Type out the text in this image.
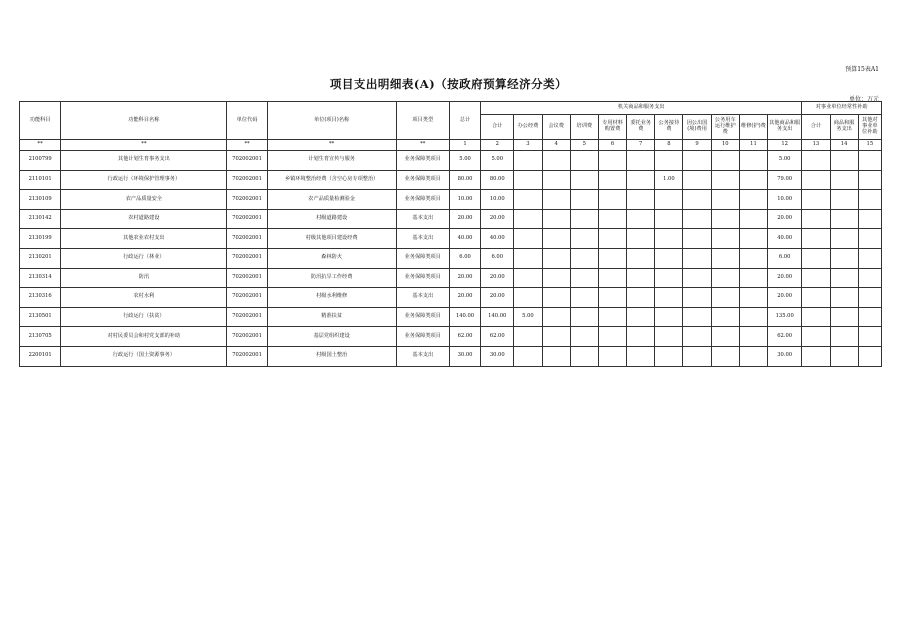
预算15表A1
项目支出明细表(A)（按政府预算经济分类）
单位：万元
功能科目	功能科目名称	单位代码	单位(项目)名称	项目类型	总计	机关商品和服务支出											对事业单位经常性补助		
						合计	办公经费	会议费	培训费	专用材料购置费	委托业务费	公务接待费	因公出国(境)费用	公务用车运行维护费	维修(护)费	其他商品和服务支出	合计	商品和服务支出	其他对事业单位补助
**	**	**	**	**	1	2	3	4	5	6	7	8	9	10	11	12	13	14	15
2100799	其他计划生育事务支出	702002001	计划生育宣传与服务	业务保障类项目	5.00	5.00										5.00			
2110101	行政运行（环境保护管理事务）	702002001	乡镇环境整治经费（含空心房专项整治）	业务保障类项目	80.00	80.00						1.00				79.00			
2130109	农产品质量安全	702002001	农产品质量检测验金	业务保障类项目	10.00	10.00										10.00			
2130142	农村道路建设	702002001	村级道路建设	基本支出	20.00	20.00										20.00			
2130199	其他农业农村支出	702002001	村级其他项目建设经费	基本支出	40.00	40.00										40.00			
2130201	行政运行（林业）	702002001	森林防火	业务保障类项目	6.00	6.00										6.00			
2130314	防汛	702002001	防汛抗旱工作经费	业务保障类项目	20.00	20.00										20.00			
2130316	农村水利	702002001	村级水利维修	基本支出	20.00	20.00										20.00			
2130501	行政运行（扶贫）	702002001	精准扶贫	业务保障类项目	140.00	140.00	5.00									135.00			
2130705	对村民委员会和村党支部的补助	702002001	基层党组织建设	业务保障类项目	62.00	62.00										62.00			
2200101	行政运行（国土资源事务）	702002001	村级国土整治	基本支出	30.00	30.00										30.00			
